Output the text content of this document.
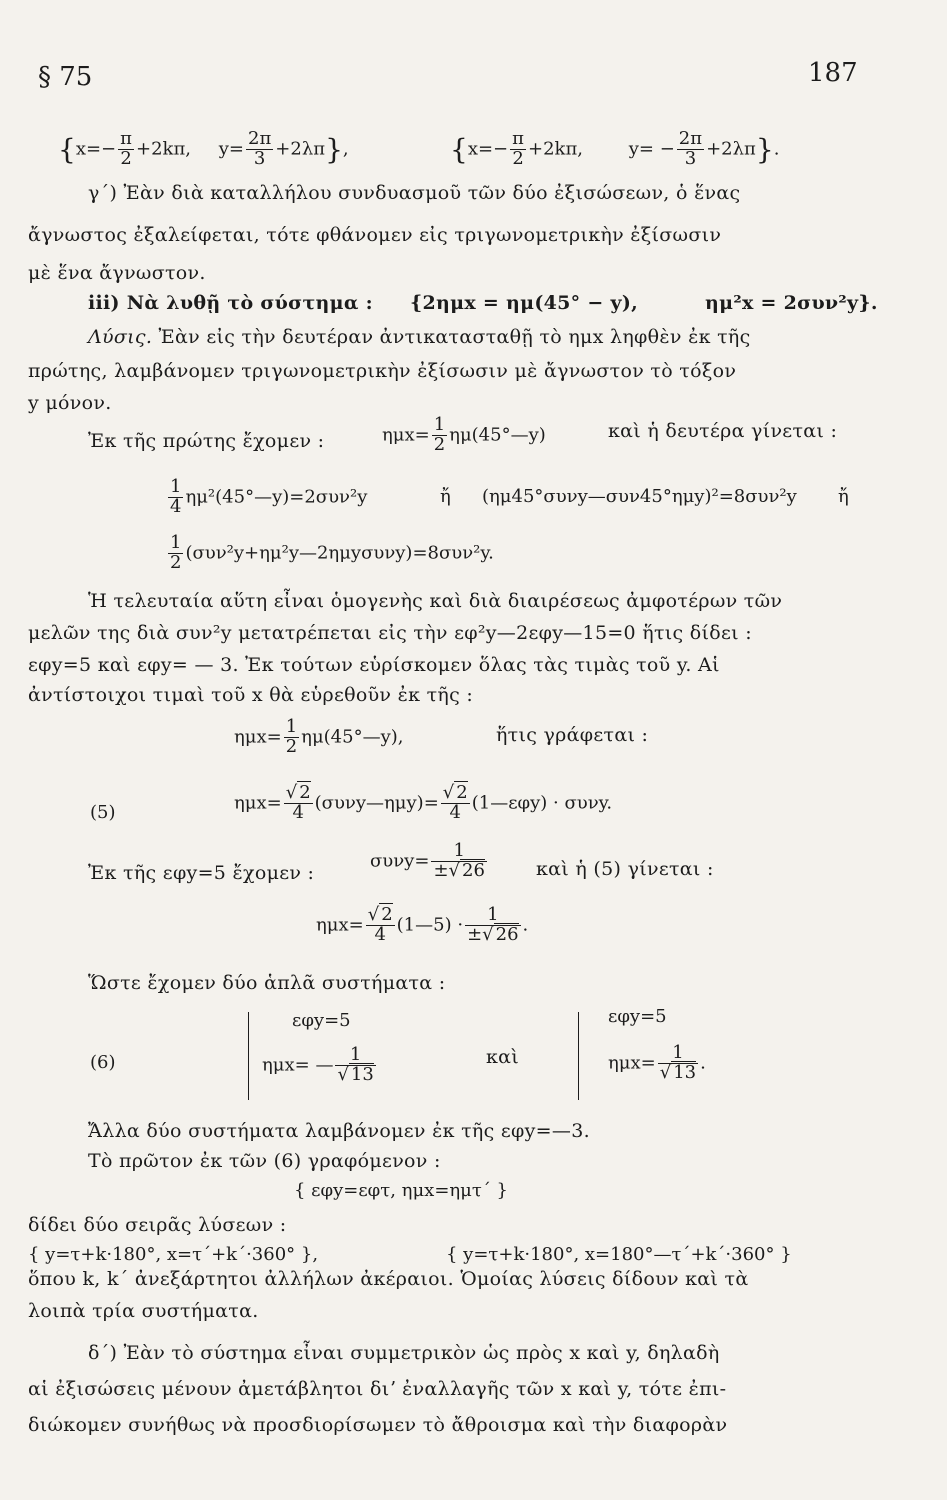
§ 75	187
{$x=- \frac{\pi}{2} +2k\pi$, $y= \frac{2\pi}{3} +2\lambda\pi$},	{$x=- \frac{\pi}{2} +2k\pi$,	$y= - \frac{2\pi}{3} +2\lambda\pi$}.
γ΄) Ἐὰν διὰ καταλλήλου συνδυασμοῦ τῶν δύο ἐξισώσεων, ὁ ἕνας
ἄγνωστος ἐξαλείφεται, τότε φθάνομεν εἰς τριγωνομετρικὴν ἐξίσωσιν
μὲ ἕνα ἄγνωστον.
iii) Νὰ λυθῇ τὸ σύστημα : {2ημx = ημ(45° − y),	ημ²x = 2συν²y}.
Λύσις. Ἐὰν εἰς τὴν δευτέραν ἀντικατασταθῇ τὸ ημx ληφθὲν ἐκ τῆς
πρώτης, λαμβάνομεν τριγωνομετρικὴν ἐξίσωσιν μὲ ἄγνωστον τὸ τόξον
y μόνον.
Ἐκ τῆς πρώτης ἔχομεν :	$\eta\mu x= \frac{1}{2}$ ημ(45°—y)	καὶ ἡ δευτέρα γίνεται :
$\frac{1}{4}$ ημ²(45°—y)=2συν²y	ἤ (ημ45°συνy—συν45°ημy)²=8συν²y ἤ
$\frac{1}{2}$ (συν²y+ημ²y—2ημyσυνy)=8συν²y.
Ἡ τελευταία αὕτη εἶναι ὁμογενὴς καὶ διὰ διαιρέσεως ἀμφοτέρων τῶν
μελῶν της διὰ συν²y μετατρέπεται εἰς τὴν εφ²y—2εφy—15=0 ἥτις δίδει :
εφy=5 καὶ εφy= — 3. Ἐκ τούτων εὑρίσκομεν ὅλας τὰς τιμὰς τοῦ y. Αἱ
ἀντίστοιχοι τιμαὶ τοῦ x θὰ εὑρεθοῦν ἐκ τῆς :
$\eta\mu x= \frac{1}{2}$ ημ(45°—y),	ἥτις γράφεται :
(5)	ημx= √ $\frac{2}{4}$ (συνy—ημy)= √ $\frac{2}{4}$ (1—εφy) · συνy.
Ἐκ τῆς εφy=5 ἔχομεν :
$\sigma\upsilon\nu y= \frac{1}{\pm √ 26}$	καὶ ἡ (5) γίνεται :
ημx= √ $\frac{2}{4}$ (1—5) · $\frac{1}{\pm √ 26}$ .
Ὥστε ἔχομεν δύο ἁπλᾶ συστήματα :
(6)
εφy=5
ημx= — 1
√ 13	καὶ
εφy=5
ημx= 1
√ 13 .
Ἄλλα δύο συστήματα λαμβάνομεν ἐκ τῆς εφy=—3.
Τὸ πρῶτον ἐκ τῶν (6) γραφόμενον :
{ εφy=εφτ, ημx=ημτ΄ }
δίδει δύο σειρᾶς λύσεων :
{ y=τ+k·180°, x=τ΄+k΄·360° },	{ y=τ+k·180°, x=180°—τ΄+k΄·360° }
ὅπου k, k΄ ἀνεξάρτητοι ἀλλήλων ἀκέραιοι. Ὁμοίας λύσεις δίδουν καὶ τὰ
λοιπὰ τρία συστήματα.
δ΄) Ἐὰν τὸ σύστημα εἶναι συμμετρικὸν ὡς πρὸς x καὶ y, δηλαδὴ
αἱ ἐξισώσεις μένουν ἀμετάβλητοι διʼ ἐναλλαγῆς τῶν x καὶ y, τότε ἐπι-
διώκομεν συνήθως νὰ προσδιορίσωμεν τὸ ἄθροισμα καὶ τὴν διαφορὰν
